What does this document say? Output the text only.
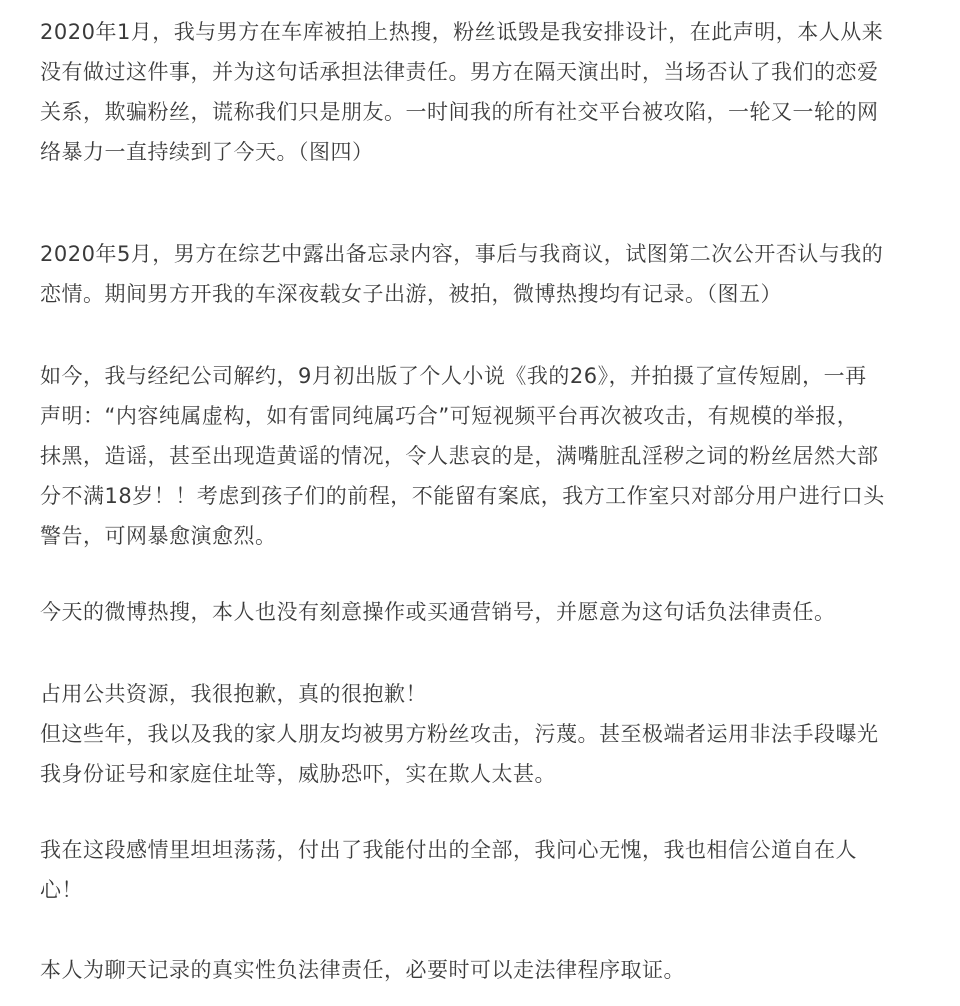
2020年1月，我与男方在车库被拍上热搜，粉丝诋毁是我安排设计，在此声明，本人从来
没有做过这件事，并为这句话承担法律责任。男方在隔天演出时，当场否认了我们的恋爱
关系，欺骗粉丝，谎称我们只是朋友。一时间我的所有社交平台被攻陷，一轮又一轮的网
络暴力一直持续到了今天。（图四）

2020年5月，男方在综艺中露出备忘录内容，事后与我商议，试图第二次公开否认与我的
恋情。期间男方开我的车深夜载女子出游，被拍，微博热搜均有记录。（图五）

如今，我与经纪公司解约，9月初出版了个人小说《我的26》，并拍摄了宣传短剧，一再
声明：“内容纯属虚构，如有雷同纯属巧合”可短视频平台再次被攻击，有规模的举报，
抹黑，造谣，甚至出现造黄谣的情况，令人悲哀的是，满嘴脏乱淫秽之词的粉丝居然大部
分不满18岁！！考虑到孩子们的前程，不能留有案底，我方工作室只对部分用户进行口头
警告，可网暴愈演愈烈。

今天的微博热搜，本人也没有刻意操作或买通营销号，并愿意为这句话负法律责任。

占用公共资源，我很抱歉，真的很抱歉！
但这些年，我以及我的家人朋友均被男方粉丝攻击，污蔑。甚至极端者运用非法手段曝光
我身份证号和家庭住址等，威胁恐吓，实在欺人太甚。

我在这段感情里坦坦荡荡，付出了我能付出的全部，我问心无愧，我也相信公道自在人
心！

本人为聊天记录的真实性负法律责任，必要时可以走法律程序取证。
